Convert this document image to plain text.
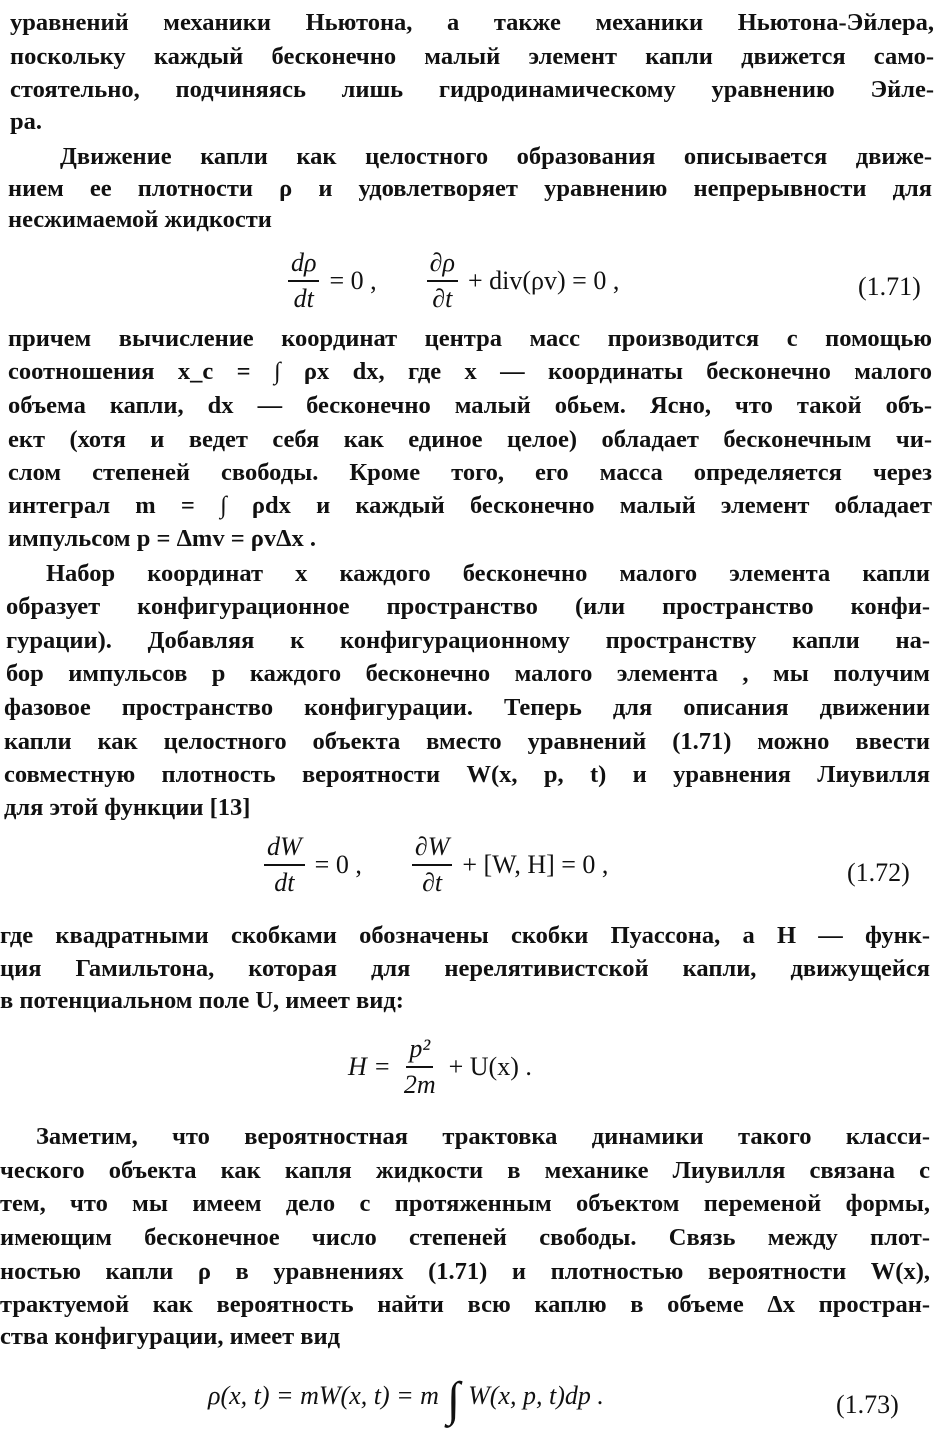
уравнений механики Ньютона, а также механики Ньютона-Эйлера,
поскольку каждый бесконечно малый элемент капли движется само-
стоятельно, подчиняясь лишь гидродинамическому уравнению Эйле-
ра.
Движение капли как целостного образования описывается движе-
нием ее плотности ρ и удовлетворяет уравнению непрерывности для
несжимаемой жидкости
$\frac{d\rho}{dt} = 0$ , $\frac{\partial\rho}{\partial t} + div(\rho v) = 0$ ,	(1.71)
причем вычисление координат центра масс производится с помощью
соотношения x_c = ∫ ρx dx, где x — координаты бесконечно малого
объема капли, dx — бесконечно малый обьем. Ясно, что такой объ-
ект (хотя и ведет себя как единое целое) обладает бесконечным чи-
слом степеней свободы. Кроме того, его масса определяется через
интеграл m = ∫ ρdx и каждый бесконечно малый элемент обладает
импульсом p = Δmv = ρvΔx .
Набор координат x каждого бесконечно малого элемента капли
образует конфигурационное пространство (или пространство конфи-
гурации). Добавляя к конфигурационному пространству капли на-
бор импульсов p каждого бесконечно малого элемента , мы получим
фазовое пространство конфигурации. Теперь для описания движении
капли как целостного объекта вместо уравнений (1.71) можно ввести
совместную плотность вероятности W(x, p, t) и уравнения Лиувилля
для этой функции [13]
$\frac{dW}{dt} = 0$ , $\frac{\partial W}{\partial t} + [W$, H] = 0 ,	(1.72)
где квадратными скобками обозначены скобки Пуассона, а H — функ-
ция Гамильтона, которая для нерелятивистской капли, движущейся
в потенциальном поле U, имеет вид:
$H = \frac{\text{p²}}{2m} + U(x)$ .
Заметим, что вероятностная трактовка динамики такого класси-
ческого объекта как капля жидкости в механике Лиувилля связана с
тем, что мы имеем дело с протяженным объектом переменой формы,
имеющим бесконечное число степеней свободы. Связь между плот-
ностью капли ρ в уравнениях (1.71) и плотностью вероятности W(x),
трактуемой как вероятность найти всю каплю в объеме Δx простран-
ства конфигурации, имеет вид
ρ(x, t) = mW(x, t) = m ∫ W(x, p, t)dp .	(1.73)
